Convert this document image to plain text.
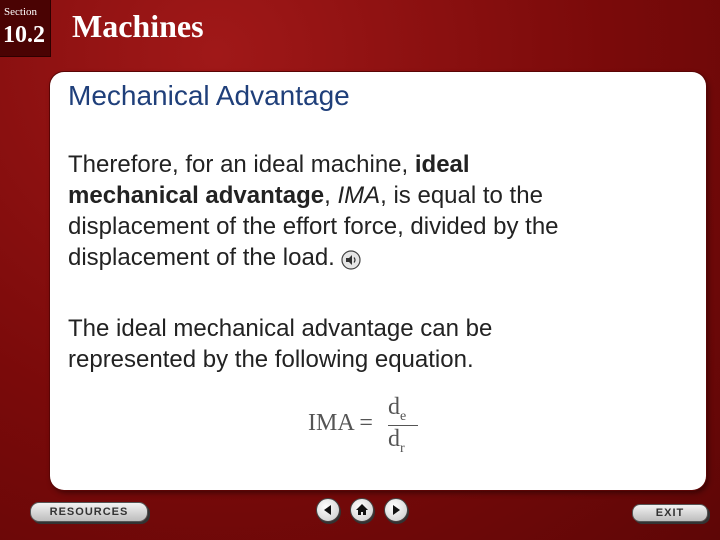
Section
10.2 Machines
Mechanical Advantage

Therefore, for an ideal machine, ideal
mechanical advantage, IMA, is equal to the
displacement of the effort force, divided by the
displacement of the load.

The ideal mechanical advantage can be
represented by the following equation.

IMA =
$d_e$
$d_r$
RESOURCES	EXIT
